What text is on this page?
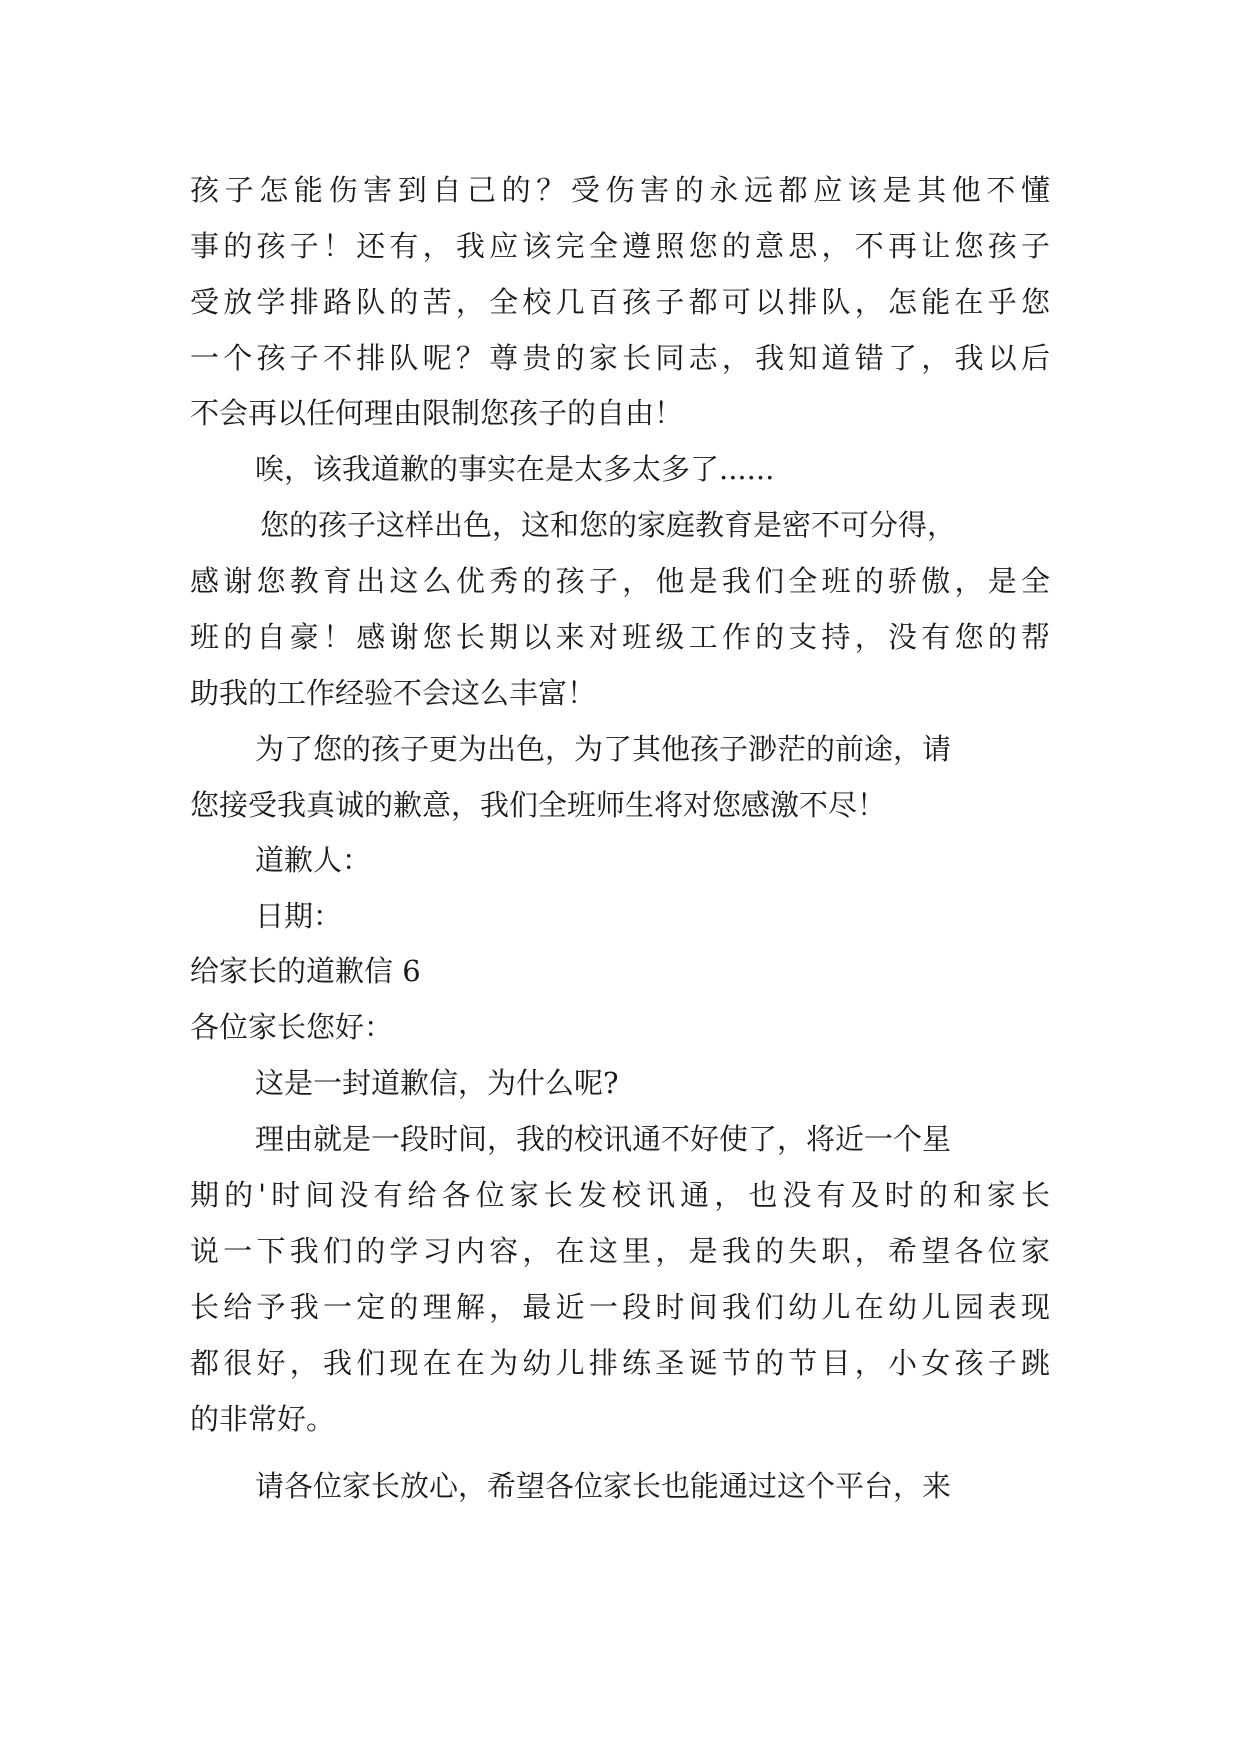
孩子怎能伤害到自己的？受伤害的永远都应该是其他不懂
事的孩子！还有，我应该完全遵照您的意思，不再让您孩子
受放学排路队的苦，全校几百孩子都可以排队，怎能在乎您
一个孩子不排队呢？尊贵的家长同志，我知道错了，我以后
不会再以任何理由限制您孩子的自由！
唉，该我道歉的事实在是太多太多了......
您的孩子这样出色，这和您的家庭教育是密不可分得，
感谢您教育出这么优秀的孩子，他是我们全班的骄傲，是全
班的自豪！感谢您长期以来对班级工作的支持，没有您的帮
助我的工作经验不会这么丰富！
为了您的孩子更为出色，为了其他孩子渺茫的前途，请
您接受我真诚的歉意，我们全班师生将对您感激不尽！
道歉人：
日期：
给家长的道歉信 6
各位家长您好：
这是一封道歉信，为什么呢?
理由就是一段时间，我的校讯通不好使了，将近一个星
期的'时间没有给各位家长发校讯通，也没有及时的和家长
说一下我们的学习内容，在这里，是我的失职，希望各位家
长给予我一定的理解，最近一段时间我们幼儿在幼儿园表现
都很好，我们现在在为幼儿排练圣诞节的节目，小女孩子跳
的非常好。
请各位家长放心，希望各位家长也能通过这个平台，来
